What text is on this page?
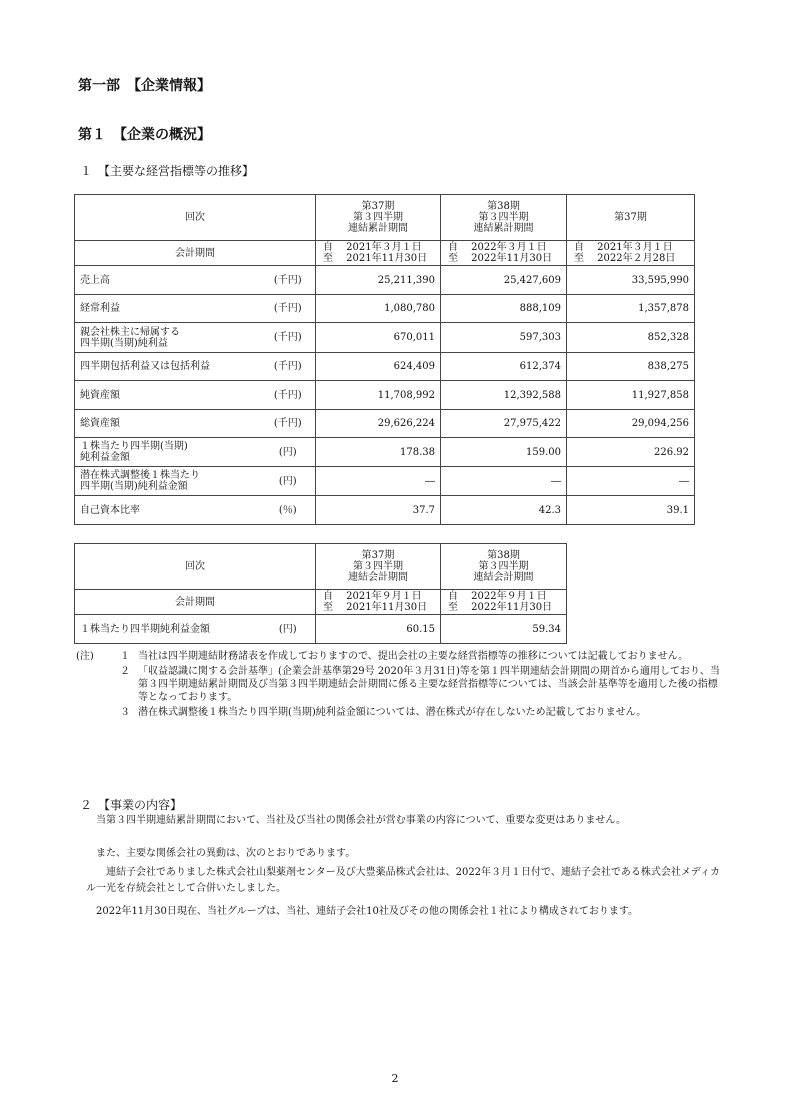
第一部　【企業情報】
第１　【企業の概況】
１　【主要な経営指標等の推移】
回次		第37期
第３四半期
連結累計期間	第38期
第３四半期
連結累計期間	第37期
会計期間		自　 2021年３月１日
至　 2021年11月30日	自　 2022年３月１日
至　 2022年11月30日	自　 2021年３月１日
至　 2022年２月28日

売上高	(千円)	25,211,390	25,427,609	33,595,990
経常利益	(千円)	1,080,780	888,109	1,357,878

親会社株主に帰属する
四半期(当期)純利益	(千円)	670,011	597,303	852,328
四半期包括利益又は包括利益	(千円)	624,409	612,374	838,275
純資産額	(千円)	11,708,992	12,392,588	11,927,858
総資産額	(千円)	29,626,224	27,975,422	29,094,256

１株当たり四半期(当期)
純利益金額	(円)	178.38	159.00	226.92

潜在株式調整後１株当たり
四半期(当期)純利益金額	(円)	―	―	―
自己資本比率	(％)	37.7	42.3	39.1
回次		第37期
第３四半期
連結会計期間	第38期
第３四半期
連結会計期間

会計期間		自　 2021年９月１日
至　 2021年11月30日	自　 2022年９月１日
至　 2022年11月30日

１株当たり四半期純利益金額	(円)	60.15	59.34
(注)	１ 当社は四半期連結財務諸表を作成しておりますので、提出会社の主要な経営指標等の推移については記載しておりません。
２ 「収益認識に関する会計基準」(企業会計基準第29号 2020年３月31日)等を第１四半期連結会計期間の期首から適用しており、当第３四半期連結累計期間及び当第３四半期連結会計期間に係る主要な経営指標等については、当該会計基準等を適用した後の指標等となっております。
３ 潜在株式調整後１株当たり四半期(当期)純利益金額については、潜在株式が存在しないため記載しておりません。
２　【事業の内容】
当第３四半期連結累計期間において、当社及び当社の関係会社が営む事業の内容について、重要な変更はありません。
また、主要な関係会社の異動は、次のとおりであります。
連結子会社でありました株式会社山梨薬剤センター及び大豊薬品株式会社は、2022年３月１日付で、連結子会社である株式会社メディカル一光を存続会社として合併いたしました。
2022年11月30日現在、当社グループは、当社、連結子会社10社及びその他の関係会社１社により構成されております。
2
